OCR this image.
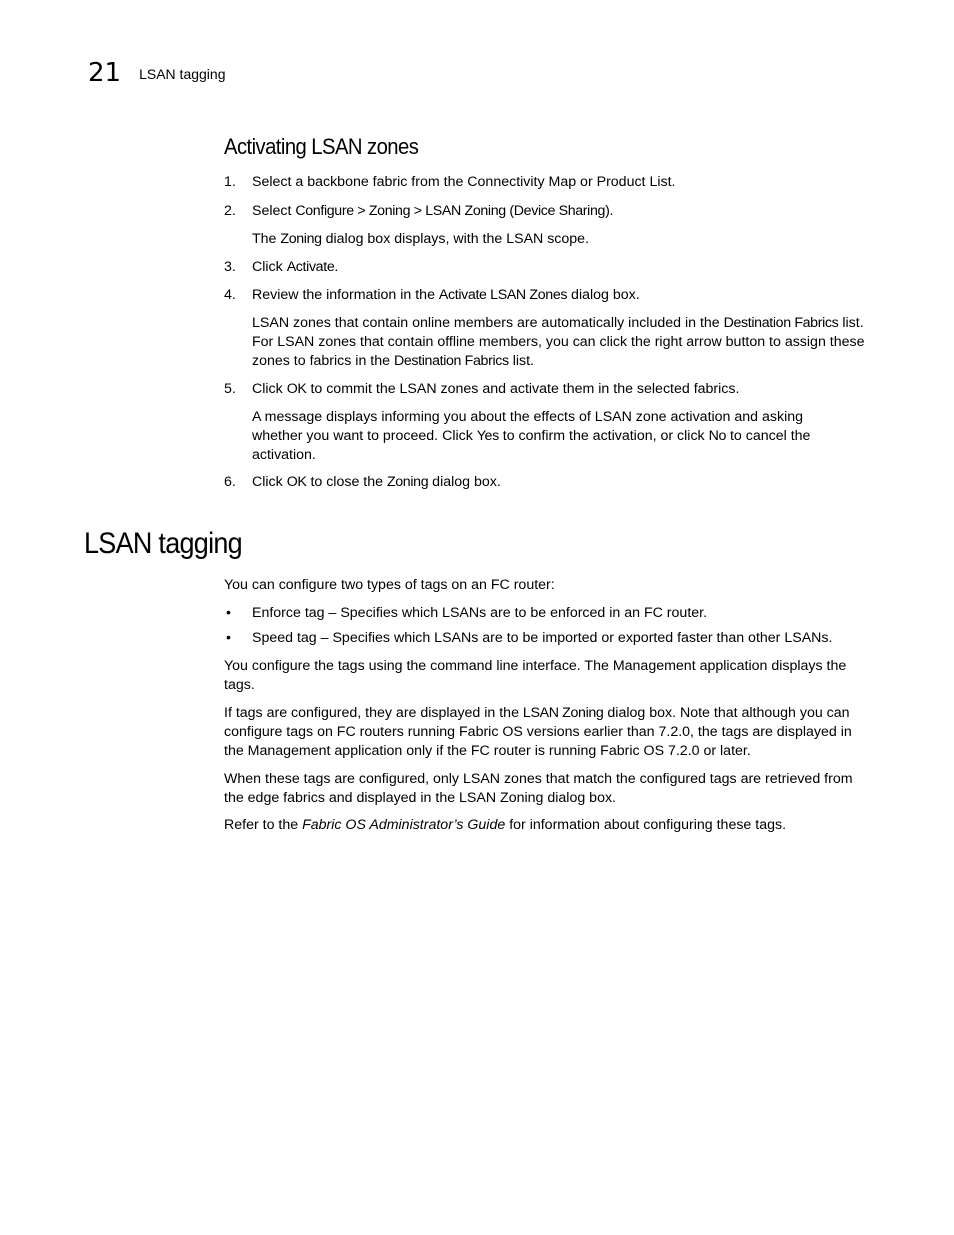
21 LSAN tagging
Activating LSAN zones
1. Select a backbone fabric from the Connectivity Map or Product List.
2. Select Configure > Zoning > LSAN Zoning (Device Sharing).
The Zoning dialog box displays, with the LSAN scope.
3. Click Activate.
4. Review the information in the Activate LSAN Zones dialog box.
LSAN zones that contain online members are automatically included in the Destination Fabrics list. For LSAN zones that contain offline members, you can click the right arrow button to assign these zones to fabrics in the Destination Fabrics list.
5. Click OK to commit the LSAN zones and activate them in the selected fabrics.
A message displays informing you about the effects of LSAN zone activation and asking whether you want to proceed. Click Yes to confirm the activation, or click No to cancel the activation.
6. Click OK to close the Zoning dialog box.
LSAN tagging
You can configure two types of tags on an FC router:
• Enforce tag – Specifies which LSANs are to be enforced in an FC router.
• Speed tag – Specifies which LSANs are to be imported or exported faster than other LSANs.
You configure the tags using the command line interface. The Management application displays the tags.
If tags are configured, they are displayed in the LSAN Zoning dialog box. Note that although you can configure tags on FC routers running Fabric OS versions earlier than 7.2.0, the tags are displayed in the Management application only if the FC router is running Fabric OS 7.2.0 or later.
When these tags are configured, only LSAN zones that match the configured tags are retrieved from the edge fabrics and displayed in the LSAN Zoning dialog box.
Refer to the Fabric OS Administrator’s Guide for information about configuring these tags.
